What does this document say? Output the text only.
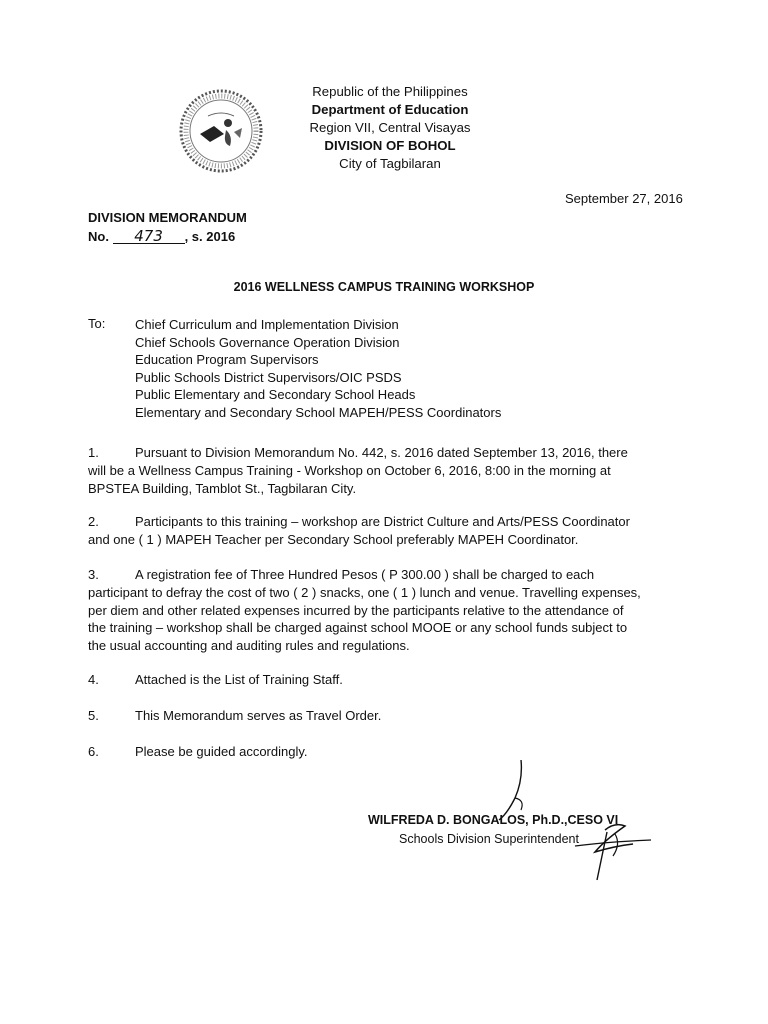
Republic of the Philippines
Department of Education
Region VII, Central Visayas
DIVISION OF BOHOL
City of Tagbilaran
September 27, 2016
DIVISION MEMORANDUM
No. 473 , s. 2016
2016 WELLNESS CAMPUS TRAINING WORKSHOP
To: Chief Curriculum and Implementation Division
Chief Schools Governance Operation Division
Education Program Supervisors
Public Schools District Supervisors/OIC PSDS
Public Elementary and Secondary School Heads
Elementary and Secondary School MAPEH/PESS Coordinators
1.	Pursuant to Division Memorandum No. 442, s. 2016 dated September 13, 2016, there
will be a Wellness Campus Training - Workshop on October 6, 2016, 8:00 in the morning at
BPSTEA Building, Tamblot St., Tagbilaran City.
2.	Participants to this training – workshop are District Culture and Arts/PESS Coordinator
and one ( 1 ) MAPEH Teacher per Secondary School preferably MAPEH Coordinator.
3.	A registration fee of Three Hundred Pesos ( P 300.00 ) shall be charged to each
participant to defray the cost of two ( 2 ) snacks, one ( 1 ) lunch and venue. Travelling expenses,
per diem and other related expenses incurred by the participants relative to the attendance of
the training – workshop shall be charged against school MOOE or any school funds subject to
the usual accounting and auditing rules and regulations.
4.	Attached is the List of Training Staff.
5.	This Memorandum serves as Travel Order.
6.	Please be guided accordingly.
WILFREDA D. BONGALOS, Ph.D.,CESO VI
Schools Division Superintendent
